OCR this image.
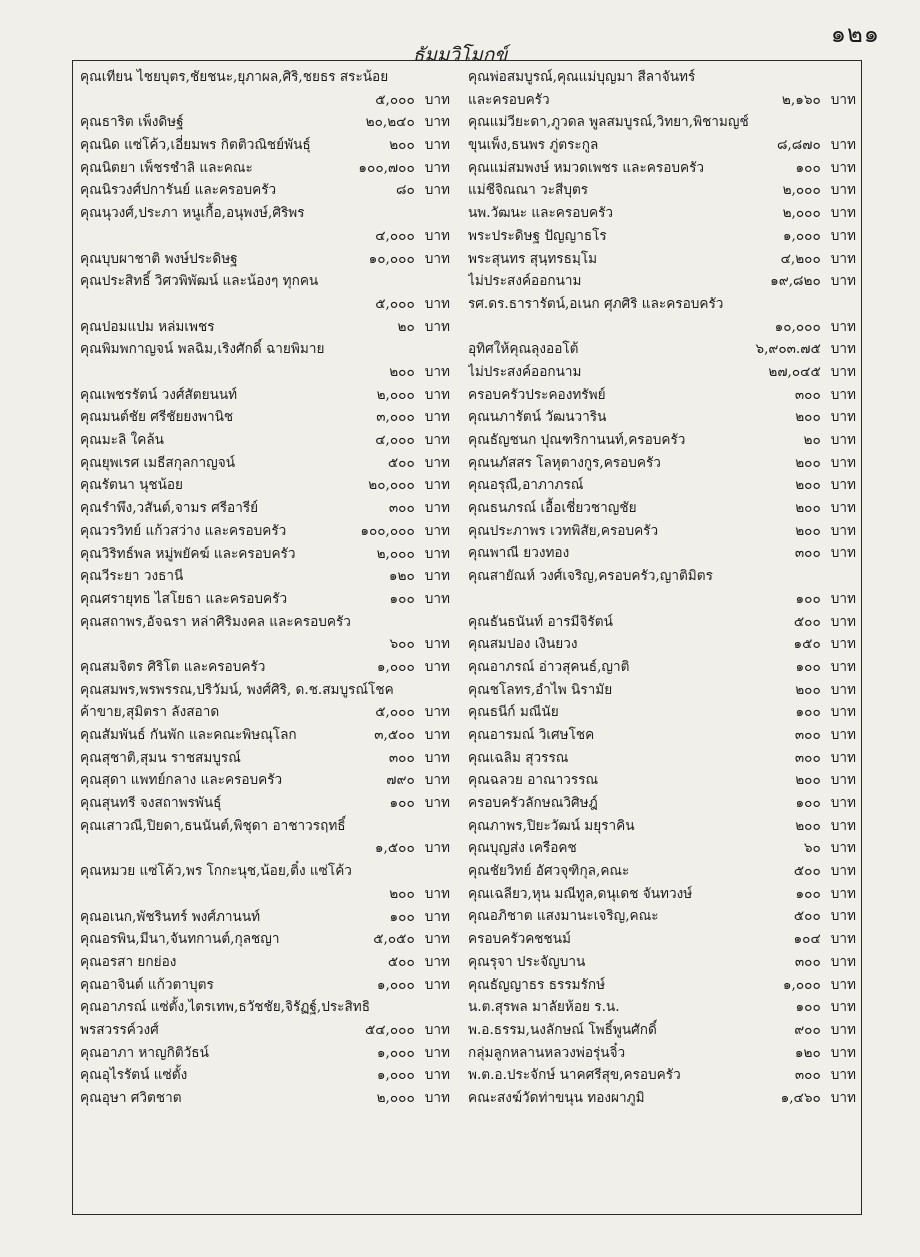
๑๒๑
ธัมมวิโมกข์
คุณเทียน ไชยบุตร,ชัยชนะ,ยุภาผล,ศิริ,ชยธร สระน้อย
๕,๐๐๐ บาท
คุณธาริต เพ็งดิษฐ์	๒๐,๒๔๐ บาท
คุณนิด แซ่โค้ว,เอี่ยมพร กิตติวณิชย์พันธุ์	๒๐๐ บาท
คุณนิตยา เพ็ชรชำลิ และคณะ	๑๐๐,๗๐๐ บาท
คุณนิรวงศ์ปการันย์ และครอบครัว	๘๐ บาท
คุณนุวงศ์,ประภา หนูเกื้อ,อนุพงษ์,ศิริพร
๔,๐๐๐ บาท
คุณบุบผาชาติ พงษ์ประดิษฐ	๑๐,๐๐๐ บาท
คุณประสิทธิ์ วิศวพิพัฒน์ และน้องๆ ทุกคน
๕,๐๐๐ บาท
คุณปอมแปม หล่มเพชร	๒๐ บาท
คุณพิมพกาญจน์ พลฉิม,เริงศักดิ์ ฉายพิมาย
๒๐๐ บาท
คุณเพชรรัตน์ วงศ์สัตยนนท์	๒,๐๐๐ บาท
คุณมนต์ชัย ศรีชัยยงพานิช	๓,๐๐๐ บาท
คุณมะลิ ใคล้น	๔,๐๐๐ บาท
คุณยุพเรศ เมธีสกุลกาญจน์	๕๐๐ บาท
คุณรัตนา นุชน้อย	๒๐,๐๐๐ บาท
คุณรำพึง,วสันต์,จามร ศรีอารีย์	๓๐๐ บาท
คุณวรวิทย์ แก้วสว่าง และครอบครัว	๑๐๐,๐๐๐ บาท
คุณวิริทธ์พล หมู่พยัคฆ์ และครอบครัว	๒,๐๐๐ บาท
คุณวีระยา วงธานี	๑๒๐ บาท
คุณศรายุทธ ไสโยธา และครอบครัว	๑๐๐ บาท
คุณสถาพร,อัจฉรา หล่าศิริมงคล และครอบครัว
๖๐๐ บาท
คุณสมจิตร ศิริโต และครอบครัว	๑,๐๐๐ บาท
คุณสมพร,พรพรรณ,ปริวัมน์, พงศ์ศิริ, ด.ช.สมบูรณ์โชค
ค้าขาย,สุมิตรา ลังสอาด	๕,๐๐๐ บาท
คุณสัมพันธ์ กันพัก และคณะพิษณุโลก	๓,๕๐๐ บาท
คุณสุชาติ,สุมน ราชสมบูรณ์	๓๐๐ บาท
คุณสุดา แพทย์กลาง และครอบครัว	๗๙๐ บาท
คุณสุนทรี จงสถาพรพันธุ์	๑๐๐ บาท
คุณเสาวณี,ปิยดา,ธนนันต์,พิชุดา อาชาวรฤทธิ์
๑,๕๐๐ บาท
คุณหมวย แซ่โค้ว,พร โกกะนุช,น้อย,ติ๋ง แซ่โค้ว
๒๐๐ บาท
คุณอเนก,พัชรินทร์ พงศ์ภานนท์	๑๐๐ บาท
คุณอรพิน,มีนา,จันทกานต์,กุลชญา	๕,๐๕๐ บาท
คุณอรสา ยกย่อง	๕๐๐ บาท
คุณอาจินต์ แก้วตาบุตร	๑,๐๐๐ บาท
คุณอาภรณ์ แซ่ตั้ง,ไตรเทพ,ธวัชชัย,จิรัฏฐ์,ประสิทธิ
พรสวรรค์วงศ์	๕๔,๐๐๐ บาท
คุณอาภา หาญกิติวัธน์	๑,๐๐๐ บาท
คุณอุไรรัตน์ แซ่ตั้ง	๑,๐๐๐ บาท
คุณอุษา ศวิตชาต	๒,๐๐๐ บาท
คุณพ่อสมบูรณ์,คุณแม่บุญมา สีลาจันทร์
และครอบครัว	๒,๑๖๐ บาท
คุณแม่วียะดา,ภูวดล พูลสมบูรณ์,วิทยา,พิชามญช์
ขุนเพ็ง,ธนพร ภู่ตระกูล	๘,๘๗๐ บาท
คุณแม่สมพงษ์ หมวดเพชร และครอบครัว	๑๐๐ บาท
แม่ชีจิณณา วะสีบุตร	๒,๐๐๐ บาท
นพ.วัฒนะ และครอบครัว	๒,๐๐๐ บาท
พระประดิษฐ ปัญญาธโร	๑,๐๐๐ บาท
พระสุนทร สุนฺทรธมฺโม	๔,๒๐๐ บาท
ไม่ประสงค์ออกนาม	๑๙,๘๒๐ บาท
รศ.ดร.ธารารัตน์,อเนก ศุภศิริ และครอบครัว
๑๐,๐๐๐ บาท
อุทิศให้คุณลุงออโต้	๖,๙๐๓.๗๕ บาท
ไม่ประสงค์ออกนาม	๒๗,๐๔๕ บาท
ครอบครัวประคองทรัพย์	๓๐๐ บาท
คุณนภารัตน์ วัฒนวาริน	๒๐๐ บาท
คุณธัญชนก ปุณฑริกานนท์,ครอบครัว	๒๐ บาท
คุณนภัสสร โลหุตางกูร,ครอบครัว	๒๐๐ บาท
คุณอรุณี,อาภาภรณ์	๒๐๐ บาท
คุณธนภรณ์ เอื้อเชี่ยวชาญชัย	๒๐๐ บาท
คุณประภาพร เวทพิสัย,ครอบครัว	๒๐๐ บาท
คุณพาณี ยวงทอง	๓๐๐ บาท
คุณสายัณห์ วงศ์เจริญ,ครอบครัว,ญาติมิตร
๑๐๐ บาท
คุณธันธนันท์ อารมีจิรัตน์	๕๐๐ บาท
คุณสมปอง เงินยวง	๑๕๐ บาท
คุณอาภรณ์ อ่าวสุคนธ์,ญาติ	๑๐๐ บาท
คุณชโลทร,อำไพ นิรามัย	๒๐๐ บาท
คุณธนีก์ มณีนัย	๑๐๐ บาท
คุณอารมณ์ วิเศษโชค	๓๐๐ บาท
คุณเฉลิม สุวรรณ	๓๐๐ บาท
คุณฉลวย อาณาวรรณ	๒๐๐ บาท
ครอบครัวลักษณวิศิษฎ์	๑๐๐ บาท
คุณภาพร,ปิยะวัฒน์ มยุราคิน	๒๐๐ บาท
คุณบุญส่ง เครือคช	๖๐ บาท
คุณชัยวิทย์ อัศวจุฑิกุล,คณะ	๕๐๐ บาท
คุณเฉลียว,หุน มณีทูล,ดนุเดช จันทวงษ์	๑๐๐ บาท
คุณอภิชาต แสงมานะเจริญ,คณะ	๕๐๐ บาท
ครอบครัวคชชนม์	๑๐๔ บาท
คุณรุจา ประจัญบาน	๓๐๐ บาท
คุณธัญญาธร ธรรมรักษ์	๑,๐๐๐ บาท
น.ต.สุรพล มาลัยห้อย ร.น.	๑๐๐ บาท
พ.อ.ธรรม,นงลักษณ์ โพธิ์พูนศักดิ์	๙๐๐ บาท
กลุ่มลูกหลานหลวงพ่อรุ่นจิ๋ว	๑๒๐ บาท
พ.ต.อ.ประจักษ์ นาคศรีสุข,ครอบครัว	๓๐๐ บาท
คณะสงฆ์วัดท่าขนุน ทองผาภูมิ	๑,๔๖๐ บาท
